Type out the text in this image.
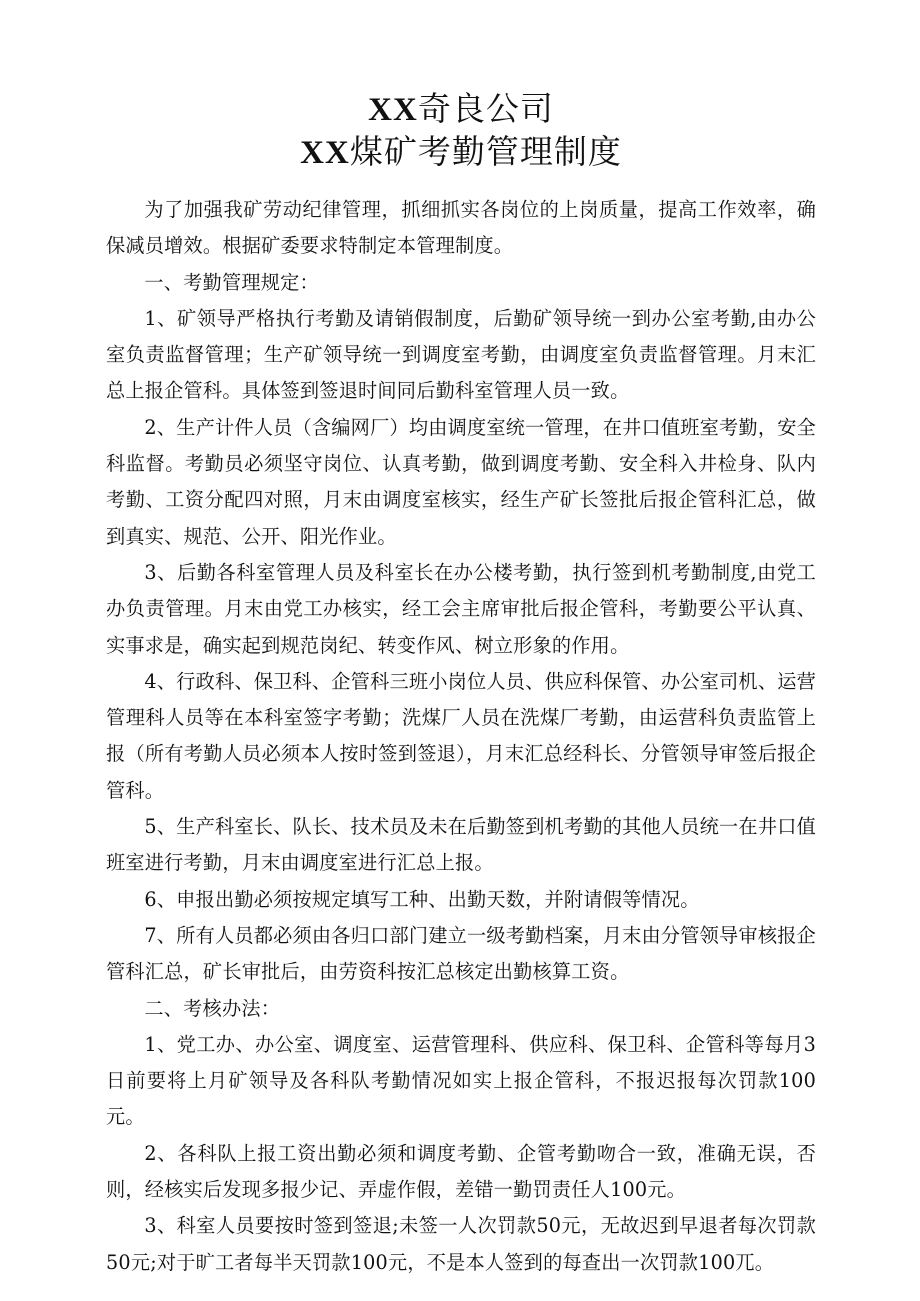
XX奇良公司
XX煤矿考勤管理制度

为了加强我矿劳动纪律管理，抓细抓实各岗位的上岗质量，提高工作效率，确保减员增效。根据矿委要求特制定本管理制度。

一、考勤管理规定：

1、矿领导严格执行考勤及请销假制度，后勤矿领导统一到办公室考勤,由办公室负责监督管理；生产矿领导统一到调度室考勤，由调度室负责监督管理。月末汇总上报企管科。具体签到签退时间同后勤科室管理人员一致。

2、生产计件人员（含编网厂）均由调度室统一管理，在井口值班室考勤，安全科监督。考勤员必须坚守岗位、认真考勤，做到调度考勤、安全科入井检身、队内考勤、工资分配四对照，月末由调度室核实，经生产矿长签批后报企管科汇总，做到真实、规范、公开、阳光作业。

3、后勤各科室管理人员及科室长在办公楼考勤，执行签到机考勤制度,由党工办负责管理。月末由党工办核实，经工会主席审批后报企管科，考勤要公平认真、实事求是，确实起到规范岗纪、转变作风、树立形象的作用。

4、行政科、保卫科、企管科三班小岗位人员、供应科保管、办公室司机、运营管理科人员等在本科室签字考勤；洗煤厂人员在洗煤厂考勤，由运营科负责监管上报（所有考勤人员必须本人按时签到签退），月末汇总经科长、分管领导审签后报企管科。

5、生产科室长、队长、技术员及未在后勤签到机考勤的其他人员统一在井口值班室进行考勤，月末由调度室进行汇总上报。

6、申报出勤必须按规定填写工种、出勤天数，并附请假等情况。

7、所有人员都必须由各归口部门建立一级考勤档案，月末由分管领导审核报企管科汇总，矿长审批后，由劳资科按汇总核定出勤核算工资。

二、考核办法：

1、党工办、办公室、调度室、运营管理科、供应科、保卫科、企管科等每月3日前要将上月矿领导及各科队考勤情况如实上报企管科，不报迟报每次罚款100元。

2、各科队上报工资出勤必须和调度考勤、企管考勤吻合一致，准确无误，否则，经核实后发现多报少记、弄虚作假，差错一勤罚责任人100元。

3、科室人员要按时签到签退;未签一人次罚款50元，无故迟到早退者每次罚款50元;对于旷工者每半天罚款100元，不是本人签到的每查出一次罚款100兀。
